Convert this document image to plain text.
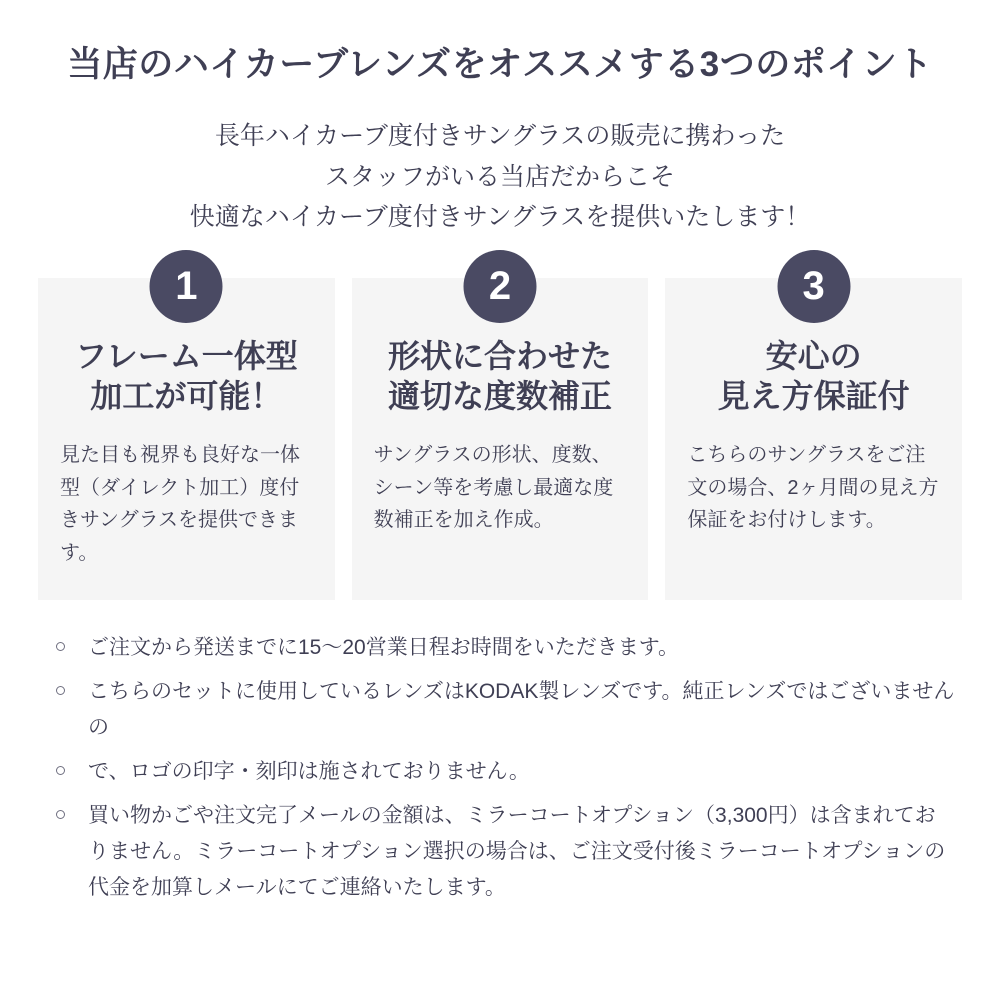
当店のハイカーブレンズをオススメする3つのポイント
長年ハイカーブ度付きサングラスの販売に携わった
スタッフがいる当店だからこそ
快適なハイカーブ度付きサングラスを提供いたします！
1
フレーム一体型
加工が可能！

見た目も視界も良好な一体型（ダイレクト加工）度付きサングラスを提供できます。

2
形状に合わせた
適切な度数補正

サングラスの形状、度数、シーン等を考慮し最適な度数補正を加え作成。

3
安心の
見え方保証付

こちらのサングラスをご注文の場合、2ヶ月間の見え方保証をお付けします。

ご注文から発送までに15〜20営業日程お時間をいただきます。
こちらのセットに使用しているレンズはKODAK製レンズです。純正レンズではございませんの
で、ロゴの印字・刻印は施されておりません。
買い物かごや注文完了メールの金額は、ミラーコートオプション（3,300円）は含まれておりません。ミラーコートオプション選択の場合は、ご注文受付後ミラーコートオプションの代金を加算しメールにてご連絡いたします。
